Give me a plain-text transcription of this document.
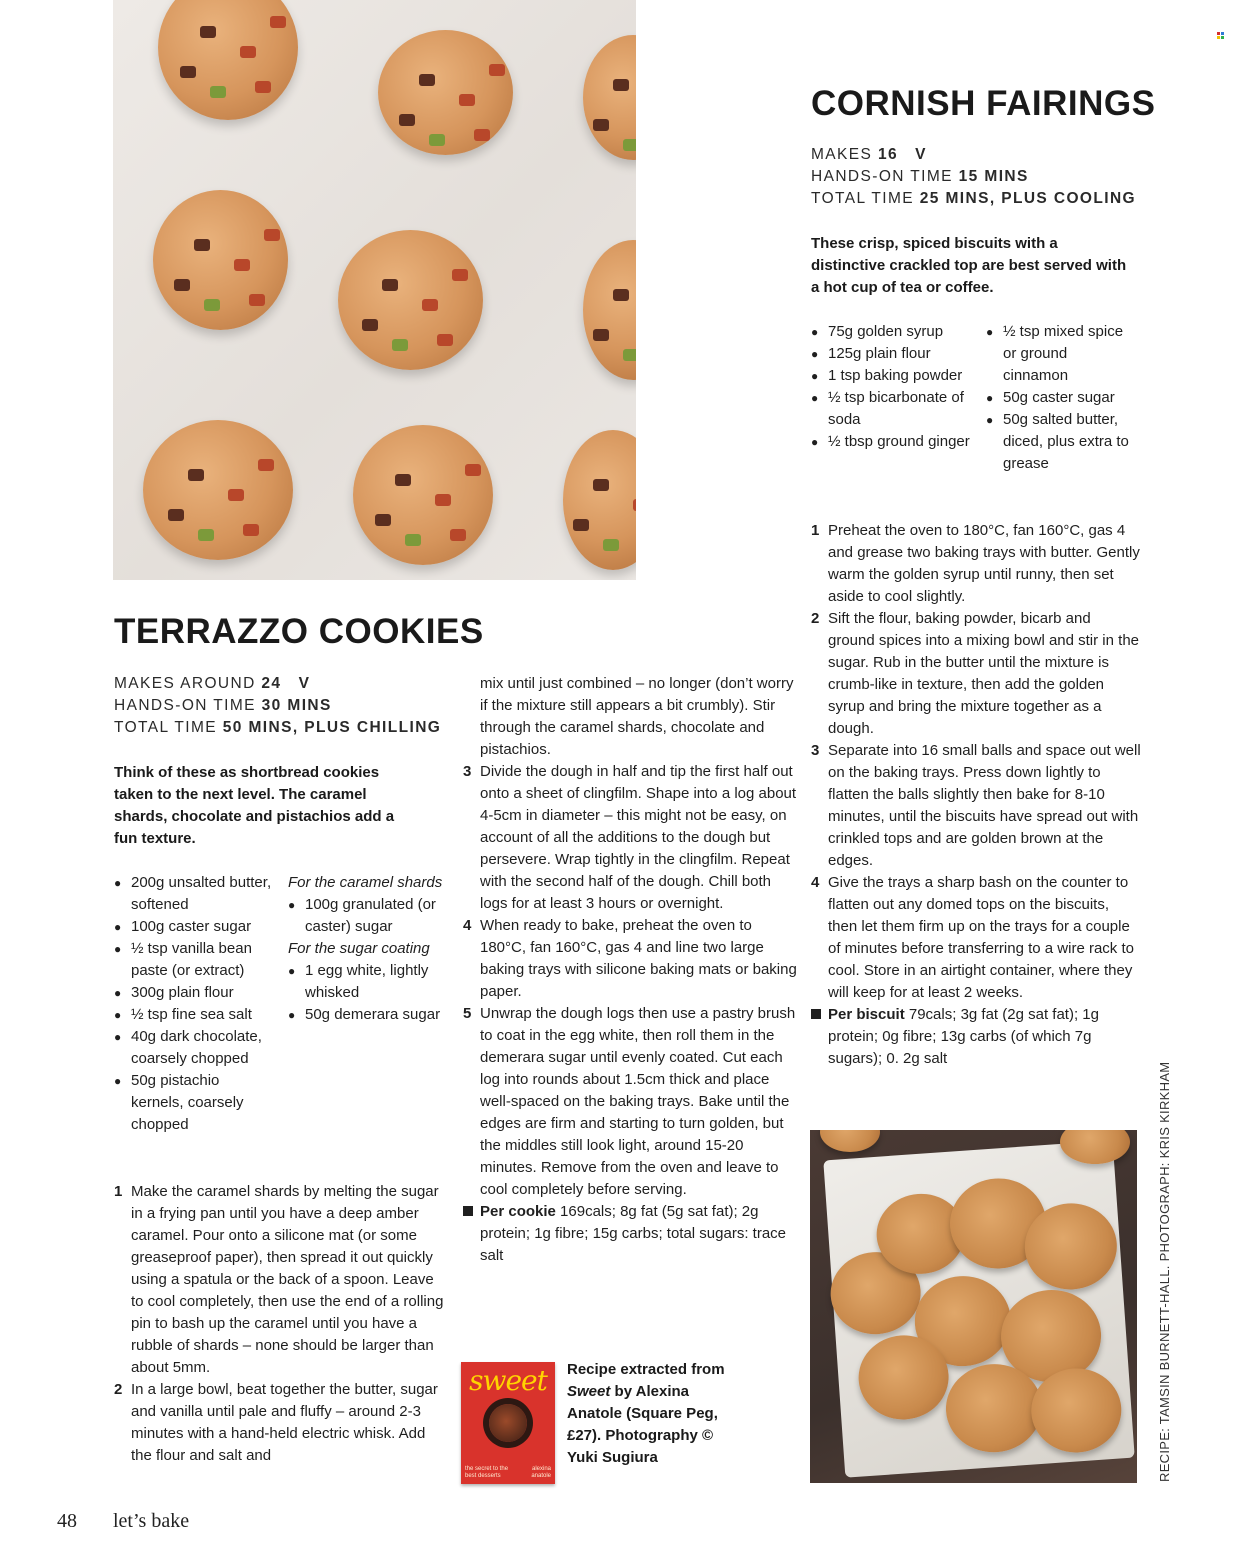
TERRAZZO COOKIES
MAKES AROUND 24 V
HANDS-ON TIME 30 MINS
TOTAL TIME 50 MINS, PLUS CHILLING
Think of these as shortbread cookies taken to the next level. The caramel shards, chocolate and pistachios add a fun texture.
● 200g unsalted butter, softened
● 100g caster sugar
● ½ tsp vanilla bean paste (or extract)
● 300g plain flour
● ½ tsp fine sea salt
● 40g dark chocolate, coarsely chopped
● 50g pistachio kernels, coarsely chopped
For the caramel shards
● 100g granulated (or caster) sugar
For the sugar coating
● 1 egg white, lightly whisked
● 50g demerara sugar
1 Make the caramel shards by melting the sugar in a frying pan until you have a deep amber caramel. Pour onto a silicone mat (or some greaseproof paper), then spread it out quickly using a spatula or the back of a spoon. Leave to cool completely, then use the end of a rolling pin to bash up the caramel until you have a rubble of shards – none should be larger than about 5mm.
2 In a large bowl, beat together the butter, sugar and vanilla until pale and fluffy – around 2-3 minutes with a hand-held electric whisk. Add the flour and salt and

mix until just combined – no longer (don’t worry if the mixture still appears a bit crumbly). Stir through the caramel shards, chocolate and pistachios.

3 Divide the dough in half and tip the first half out onto a sheet of clingfilm. Shape into a log about 4-5cm in diameter – this might not be easy, on account of all the additions to the dough but persevere. Wrap tightly in the clingfilm. Repeat with the second half of the dough. Chill both logs for at least 3 hours or overnight.
4 When ready to bake, preheat the oven to 180°C, fan 160°C, gas 4 and line two large baking trays with silicone baking mats or baking paper.
5 Unwrap the dough logs then use a pastry brush to coat in the egg white, then roll them in the demerara sugar until evenly coated. Cut each log into rounds about 1.5cm thick and place well-spaced on the baking trays. Bake until the edges are firm and starting to turn golden, but the middles still look light, around 15-20 minutes. Remove from the oven and leave to cool completely before serving.

Per cookie 169cals; 8g fat (5g sat fat); 2g protein; 1g fibre; 15g carbs; total sugars: trace salt

sweet
the secret to the best desserts
alexina anatole
Recipe extracted from Sweet by Alexina Anatole (Square Peg, £27). Photography © Yuki Sugiura
CORNISH FAIRINGS
MAKES 16 V
HANDS-ON TIME 15 MINS
TOTAL TIME 25 MINS, PLUS COOLING
These crisp, spiced biscuits with a distinctive crackled top are best served with a hot cup of tea or coffee.
● 75g golden syrup
● 125g plain flour
● 1 tsp baking powder
● ½ tsp bicarbonate of soda
● ½ tbsp ground ginger
● ½ tsp mixed spice or ground cinnamon
● 50g caster sugar
● 50g salted butter, diced, plus extra to grease
1 Preheat the oven to 180°C, fan 160°C, gas 4 and grease two baking trays with butter. Gently warm the golden syrup until runny, then set aside to cool slightly.
2 Sift the flour, baking powder, bicarb and ground spices into a mixing bowl and stir in the sugar. Rub in the butter until the mixture is crumb-like in texture, then add the golden syrup and bring the mixture together as a dough.
3 Separate into 16 small balls and space out well on the baking trays. Press down lightly to flatten the balls slightly then bake for 8-10 minutes, until the biscuits have spread out with crinkled tops and are golden brown at the edges.
4 Give the trays a sharp bash on the counter to flatten out any domed tops on the biscuits, then let them firm up on the trays for a couple of minutes before transferring to a wire rack to cool. Store in an airtight container, where they will keep for at least 2 weeks.

Per biscuit 79cals; 3g fat (2g sat fat); 1g protein; 0g fibre; 13g carbs (of which 7g sugars); 0. 2g salt

RECIPE: TAMSIN BURNETT-HALL. PHOTOGRAPH: KRIS KIRKHAM
48 let’s bake
